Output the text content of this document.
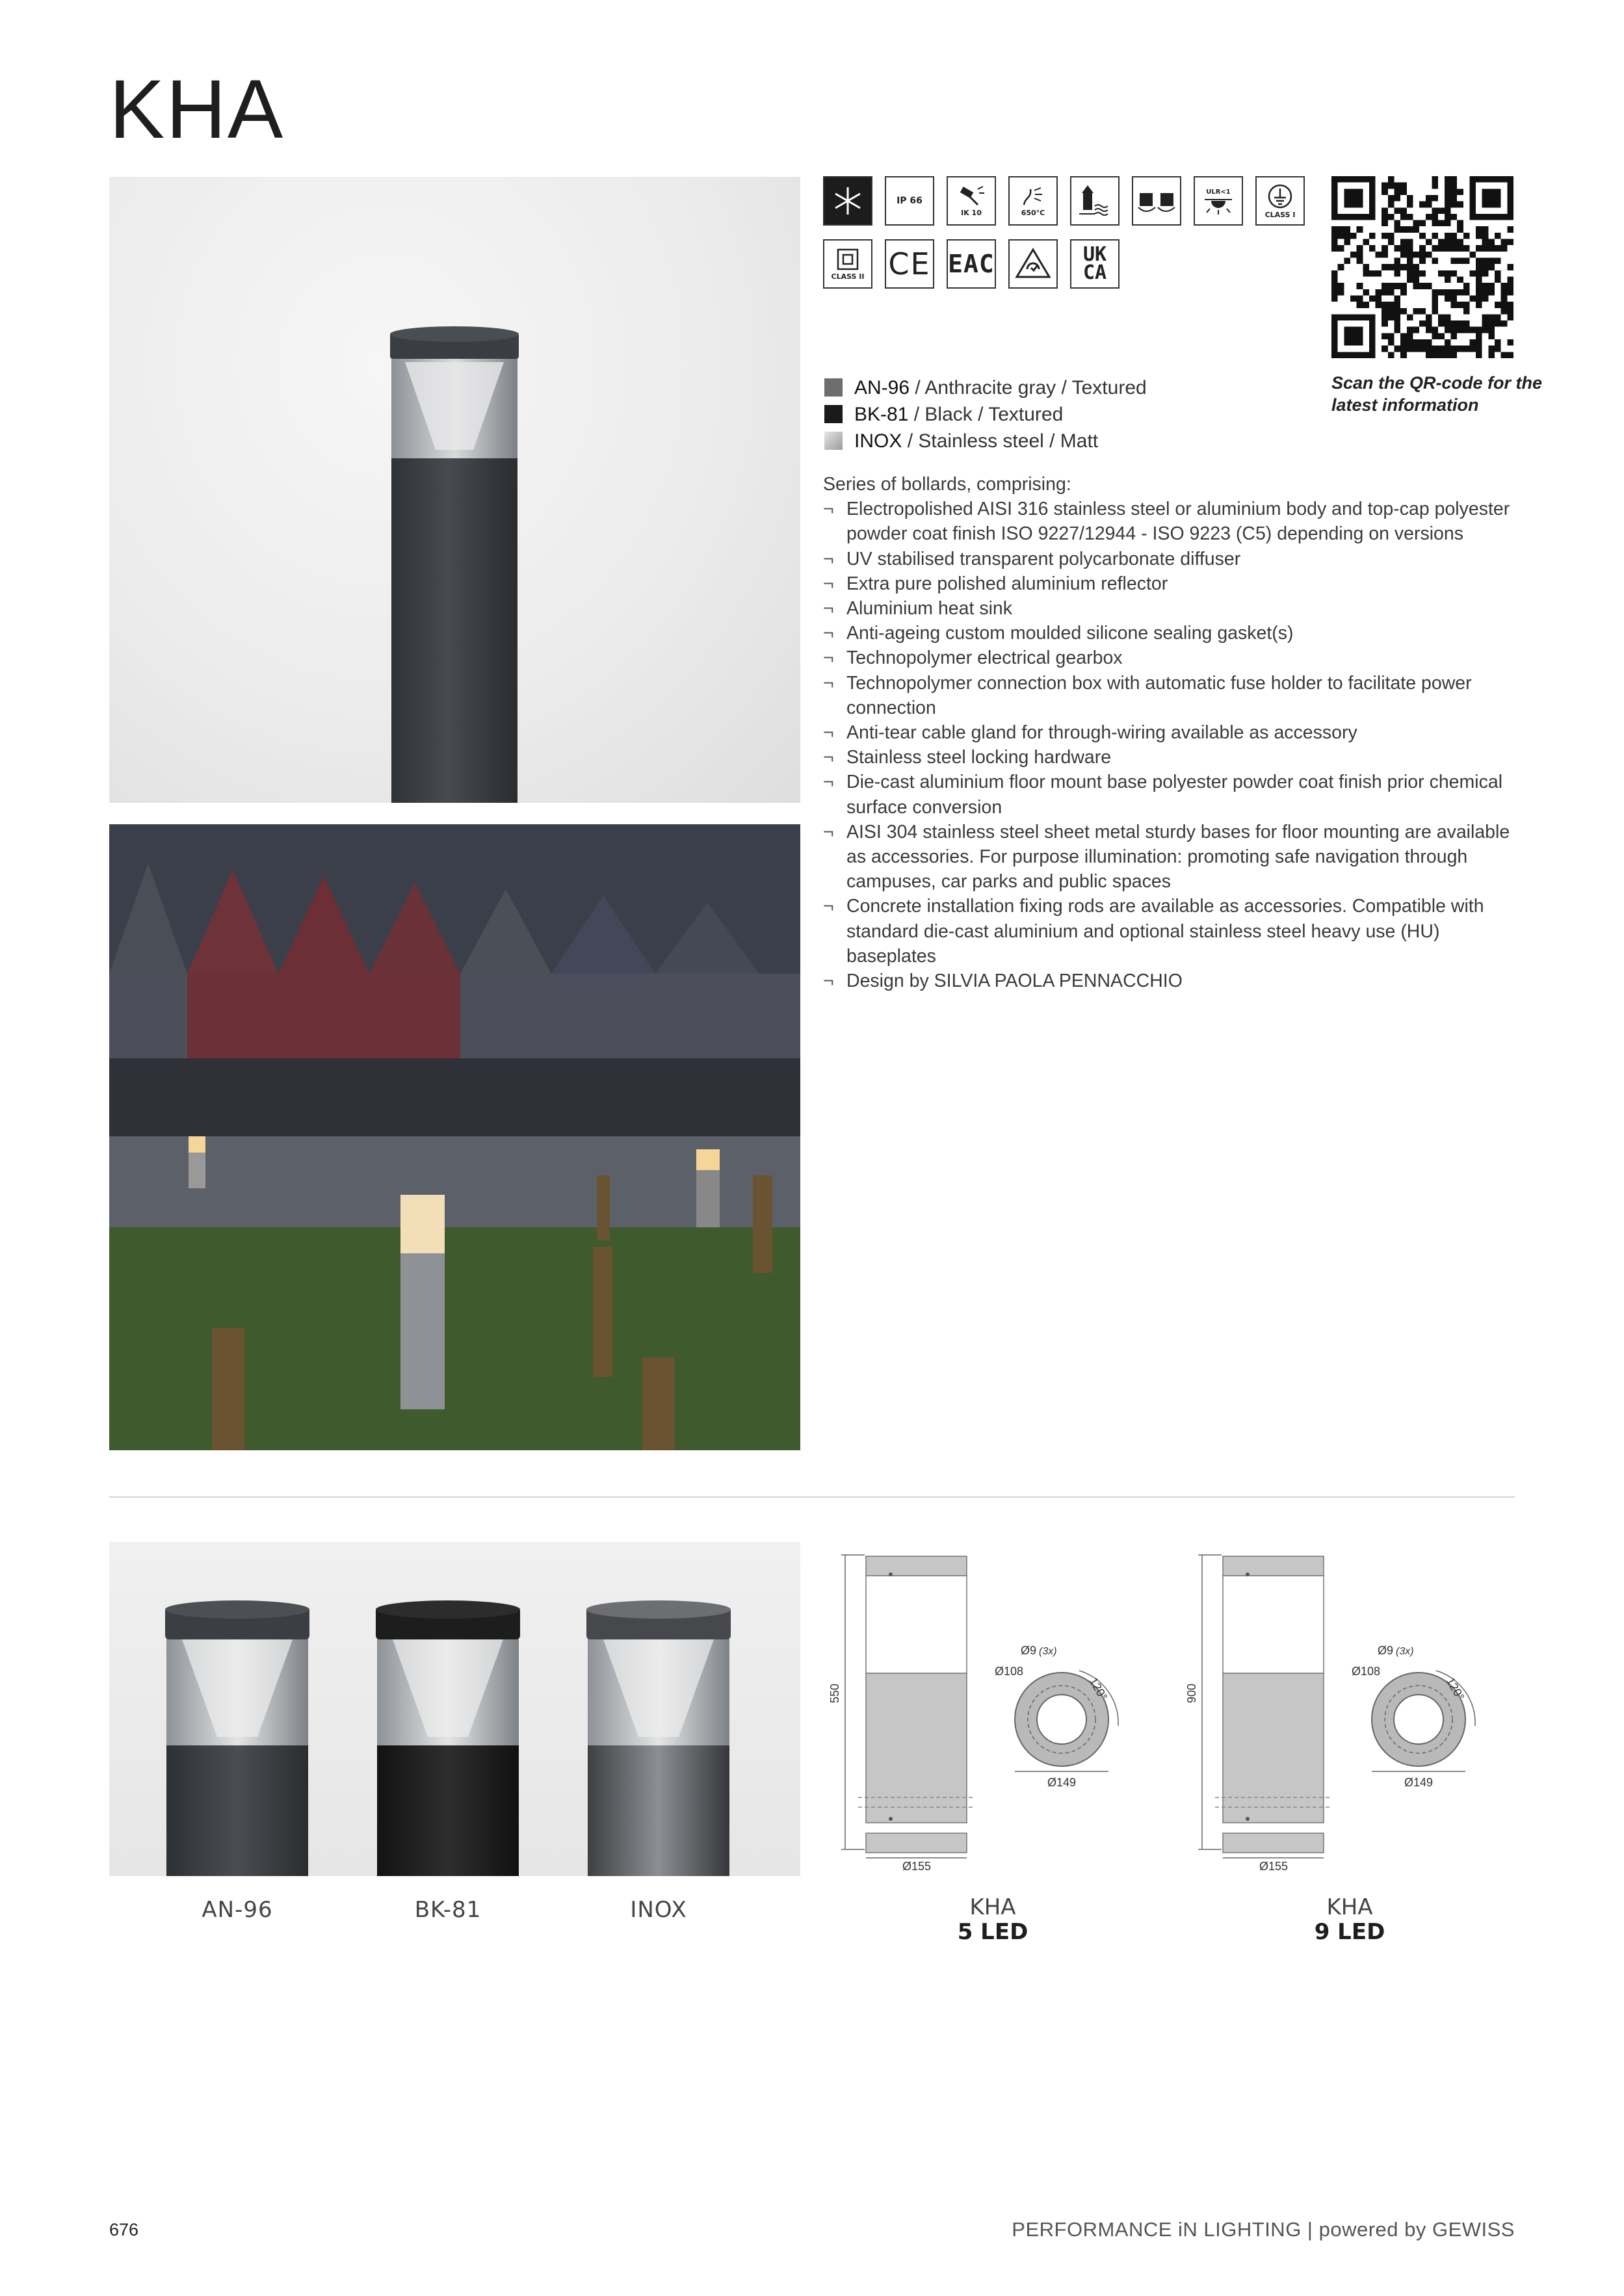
KHA
IP 66
IK 10	650°C
ULR<1
CLASS I
CLASS II CE EAC	UK CA
Scan the QR-code for the latest information
AN-96 / Anthracite gray / Textured
BK-81 / Black / Textured
INOX / Stainless steel / Matt

Series of bollards, comprising:

¬ Electropolished AISI 316 stainless steel or aluminium body and top-cap polyester powder coat finish ISO 9227/12944 - ISO 9223 (C5) depending on versions
¬ UV stabilised transparent polycarbonate diffuser
¬ Extra pure polished aluminium reflector
¬ Aluminium heat sink
¬ Anti-ageing custom moulded silicone sealing gasket(s)
¬ Technopolymer electrical gearbox
¬ Technopolymer connection box with automatic fuse holder to facilitate power connection
¬ Anti-tear cable gland for through-wiring available as accessory
¬ Stainless steel locking hardware
¬ Die-cast aluminium floor mount base polyester powder coat finish prior chemical surface conversion
¬ AISI 304 stainless steel sheet metal sturdy bases for floor mounting are available as accessories. For purpose illumination: promoting safe navigation through campuses, car parks and public spaces
¬ Concrete installation fixing rods are available as accessories. Compatible with standard die-cast aluminium and optional stainless steel heavy use (HU) baseplates
¬ Design by SILVIA PAOLA PENNACCHIO
AN-96	BK-81	INOX
Ø155
550
Ø149
Ø108
Ø9 (3x)
120°
KHA
5 LED
Ø155
900
Ø149
Ø108
Ø9 (3x)
120°
KHA
9 LED
676	PERFORMANCE iN LIGHTING | powered by GEWISS
